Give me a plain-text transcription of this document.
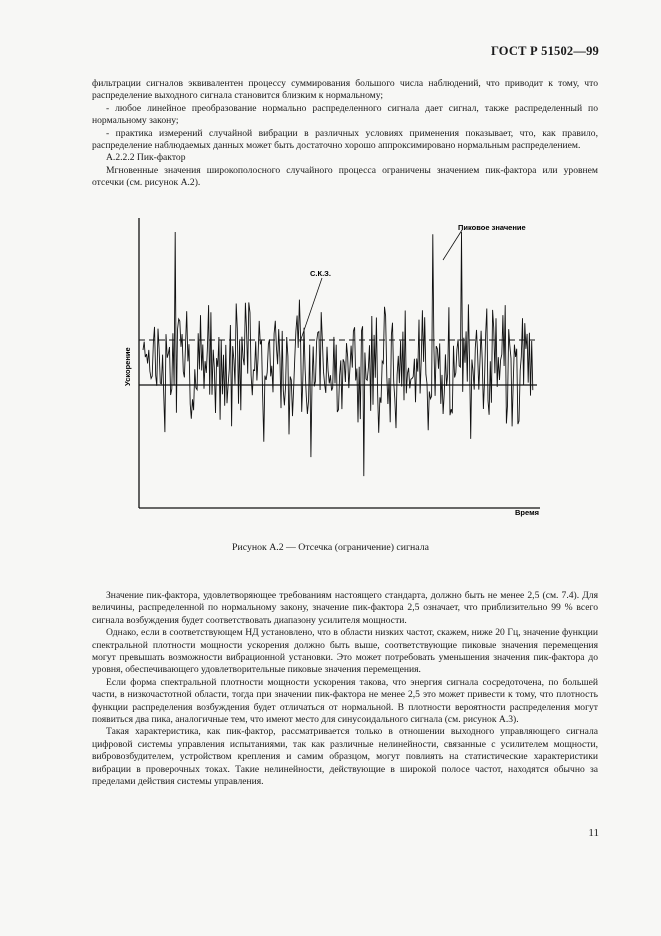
ГОСТ Р 51502—99

фильтрации сигналов эквивалентен процессу суммирования большого числа наблюдений, что приводит к тому, что распределение выходного сигнала становится близким к нормальному;

- любое линейное преобразование нормально распределенного сигнала дает сигнал, также распределенный по нормальному закону;

- практика измерений случайной вибрации в различных условиях применения показывает, что, как правило, распределение наблюдаемых данных может быть достаточно хорошо аппроксимировано нормальным распределением.

А.2.2.2 Пик-фактор

Мгновенные значения широкополосного случайного процесса ограничены значением пик-фактора или уровнем отсечки (см. рисунок А.2).

С.К.З.
Пиковое значение
Время
Ускорение
Рисунок А.2 — Отсечка (ограничение) сигнала

Значение пик-фактора, удовлетворяющее требованиям настоящего стандарта, должно быть не менее 2,5 (см. 7.4). Для величины, распределенной по нормальному закону, значение пик-фактора 2,5 означает, что приблизительно 99 % всего сигнала возбуждения будет соответствовать диапазону усилителя мощности.

Однако, если в соответствующем НД установлено, что в области низких частот, скажем, ниже 20 Гц, значение функции спектральной плотности мощности ускорения должно быть выше, соответствующие пиковые значения перемещения могут превышать возможности вибрационной установки. Это может потребовать уменьшения значения пик-фактора до уровня, обеспечивающего удовлетворительные пиковые значения перемещения.

Если форма спектральной плотности мощности ускорения такова, что энергия сигнала сосредоточена, по большей части, в низкочастотной области, тогда при значении пик-фактора не менее 2,5 это может привести к тому, что плотность функции распределения возбуждения будет отличаться от нормальной. В плотности вероятности распределения могут появиться два пика, аналогичные тем, что имеют место для синусоидального сигнала (см. рисунок А.3).

Такая характеристика, как пик-фактор, рассматривается только в отношении выходного управляющего сигнала цифровой системы управления испытаниями, так как различные нелинейности, связанные с усилителем мощности, вибровозбудителем, устройством крепления и самим образцом, могут повлиять на статистические характеристики вибрации в проверочных токах. Такие нелинейности, действующие в широкой полосе частот, находятся обычно за пределами действия системы управления.

11
